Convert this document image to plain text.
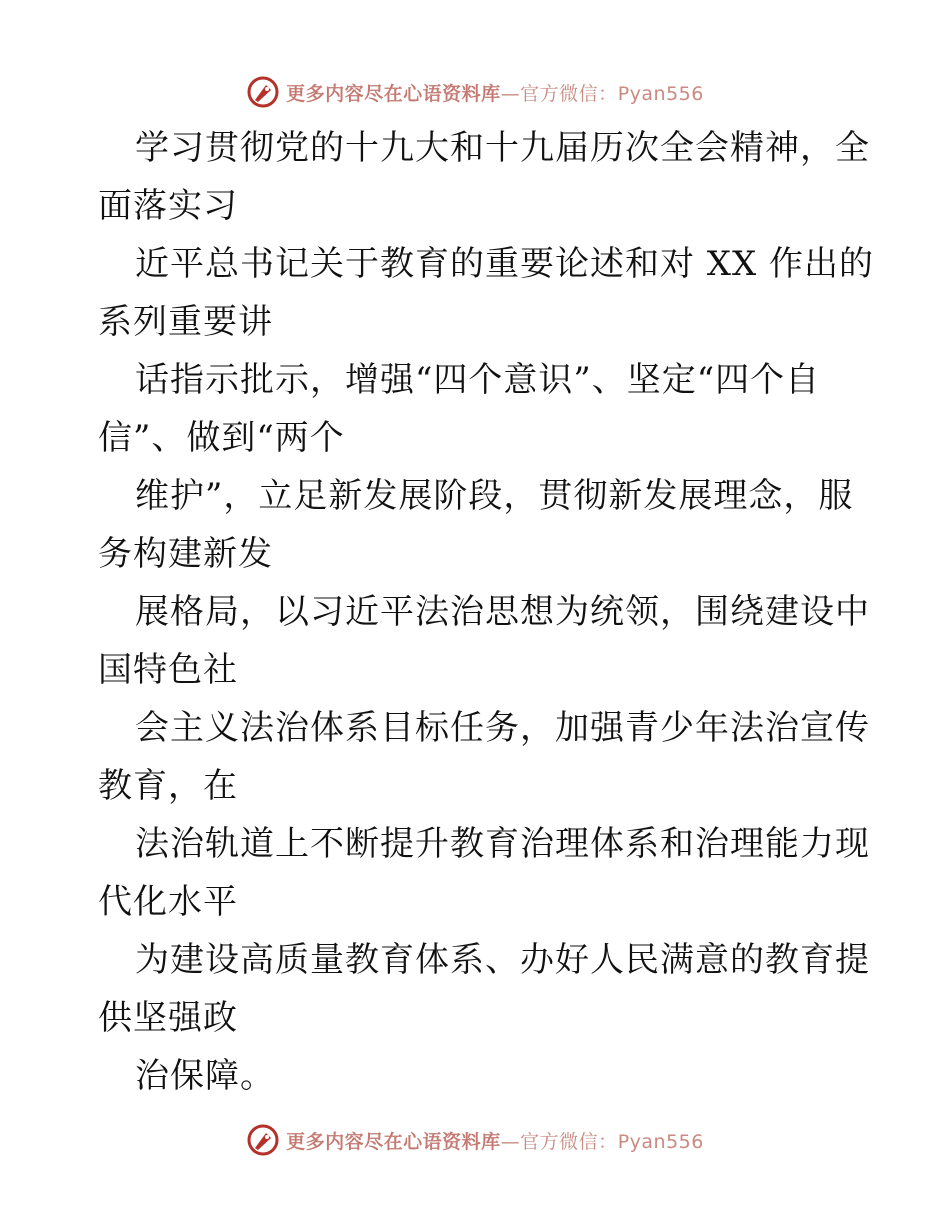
更多内容尽在心语资料库—官方微信：Pyan556
学习贯彻党的十九大和十九届历次全会精神，全
面落实习
近平总书记关于教育的重要论述和对 XX 作出的
系列重要讲
话指示批示，增强“四个意识”、坚定“四个自
信”、做到“两个
维护”，立足新发展阶段，贯彻新发展理念，服
务构建新发
展格局，以习近平法治思想为统领，围绕建设中
国特色社
会主义法治体系目标任务，加强青少年法治宣传
教育，在
法治轨道上不断提升教育治理体系和治理能力现
代化水平
为建设高质量教育体系、办好人民满意的教育提
供坚强政
治保障。
更多内容尽在心语资料库—官方微信：Pyan556
